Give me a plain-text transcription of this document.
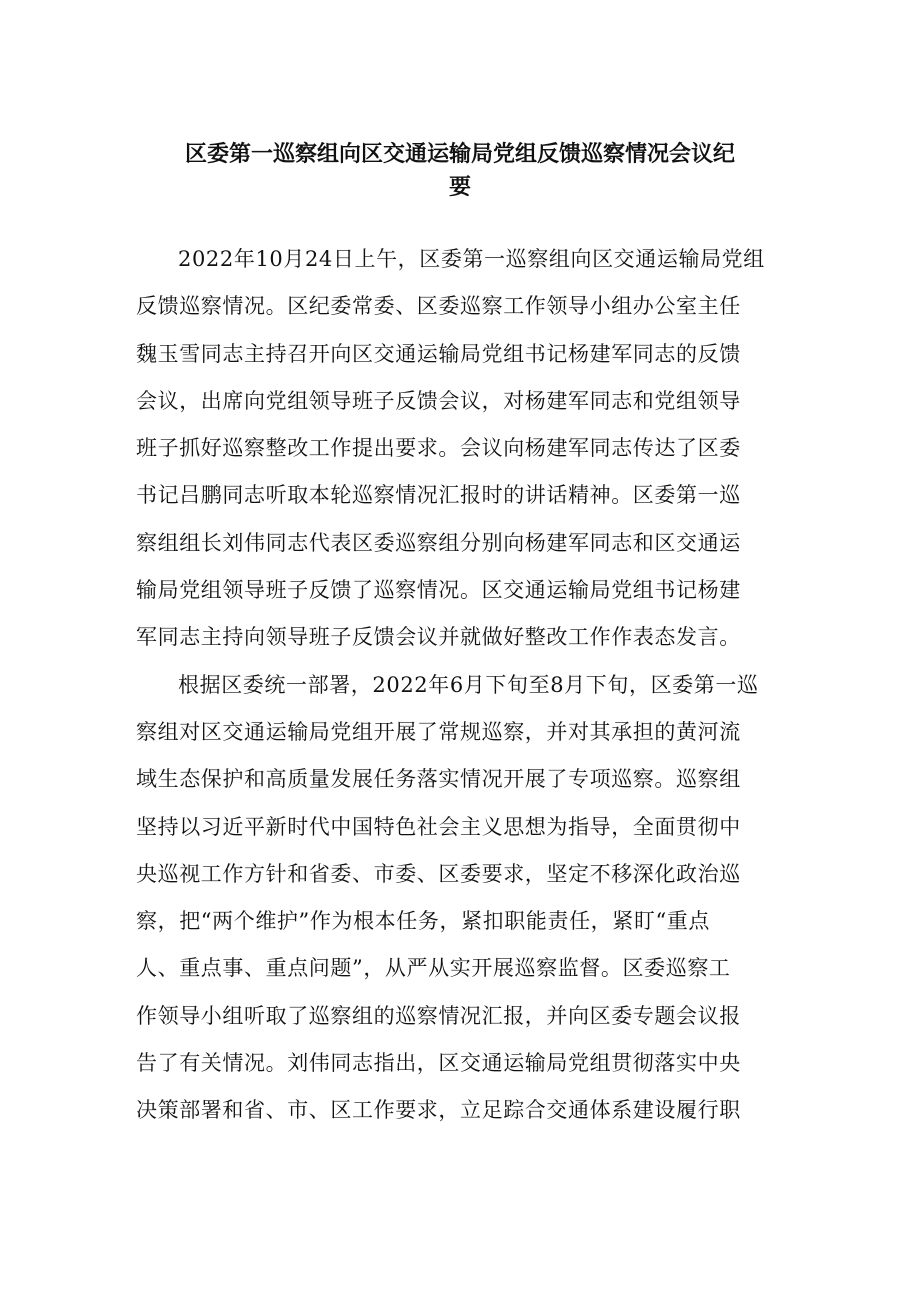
区委第一巡察组向区交通运输局党组反馈巡察情况会议纪
要

2022年10月24日上午，区委第一巡察组向区交通运输局党组
反馈巡察情况。区纪委常委、区委巡察工作领导小组办公室主任
魏玉雪同志主持召开向区交通运输局党组书记杨建军同志的反馈
会议，出席向党组领导班子反馈会议，对杨建军同志和党组领导
班子抓好巡察整改工作提出要求。会议向杨建军同志传达了区委
书记吕鹏同志听取本轮巡察情况汇报时的讲话精神。区委第一巡
察组组长刘伟同志代表区委巡察组分别向杨建军同志和区交通运
输局党组领导班子反馈了巡察情况。区交通运输局党组书记杨建
军同志主持向领导班子反馈会议并就做好整改工作作表态发言。

根据区委统一部署，2022年6月下旬至8月下旬，区委第一巡
察组对区交通运输局党组开展了常规巡察，并对其承担的黄河流
域生态保护和高质量发展任务落实情况开展了专项巡察。巡察组
坚持以习近平新时代中国特色社会主义思想为指导，全面贯彻中
央巡视工作方针和省委、市委、区委要求，坚定不移深化政治巡
察，把“两个维护”作为根本任务，紧扣职能责任，紧盯“重点
人、重点事、重点问题”，从严从实开展巡察监督。区委巡察工
作领导小组听取了巡察组的巡察情况汇报，并向区委专题会议报
告了有关情况。刘伟同志指出，区交通运输局党组贯彻落实中央
决策部署和省、市、区工作要求，立足踪合交通体系建设履行职
